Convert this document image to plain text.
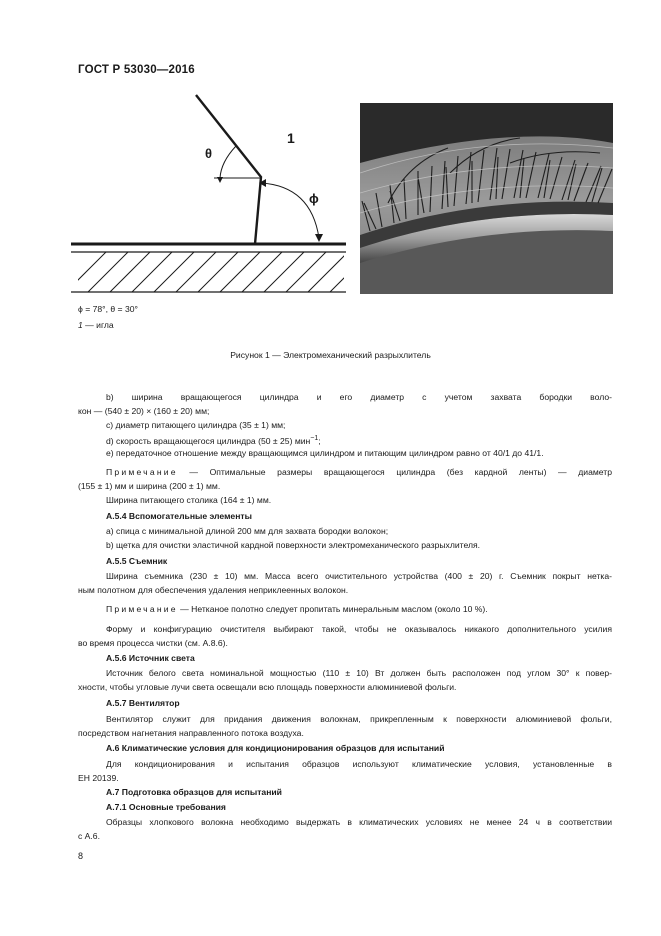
ГОСТ Р 53030—2016
1
θ
ϕ
ϕ = 78°, θ = 30°
1 — игла
Рисунок 1 — Электромеханический разрыхлитель
b) ширина вращающегося цилиндра и его диаметр с учетом захвата бородки воло-
кон — (540 ± 20) × (160 ± 20) мм;
c) диаметр питающего цилиндра (35 ± 1) мм;
d) скорость вращающегося цилиндра (50 ± 25) мин$^{-1}$;
e) передаточное отношение между вращающимся цилиндром и питающим цилиндром равно от 40/1 до 41/1.
Примечание — Оптимальные размеры вращающегося цилиндра (без кардной ленты) — диаметр
(155 ± 1) мм и ширина (200 ± 1) мм.
Ширина питающего столика (164 ± 1) мм.
А.5.4 Вспомогательные элементы
a) спица с минимальной длиной 200 мм для захвата бородки волокон;
b) щетка для очистки эластичной кардной поверхности электромеханического разрыхлителя.
А.5.5 Съемник
Ширина съемника (230 ± 10) мм. Масса всего очистительного устройства (400 ± 20) г. Съемник покрыт нетка-
ным полотном для обеспечения удаления неприклеенных волокон.
Примечание — Нетканое полотно следует пропитать минеральным маслом (около 10 %).
Форму и конфигурацию очистителя выбирают такой, чтобы не оказывалось никакого дополнительного усилия
во время процесса чистки (см. А.8.6).
А.5.6 Источник света
Источник белого света номинальной мощностью (110 ± 10) Вт должен быть расположен под углом 30° к повер-
хности, чтобы угловые лучи света освещали всю площадь поверхности алюминиевой фольги.
А.5.7 Вентилятор
Вентилятор служит для придания движения волокнам, прикрепленным к поверхности алюминиевой фольги,
посредством нагнетания направленного потока воздуха.
А.6 Климатические условия для кондиционирования образцов для испытаний
Для кондиционирования и испытания образцов используют климатические условия, установленные в
ЕН 20139.
А.7 Подготовка образцов для испытаний
А.7.1 Основные требования
Образцы хлопкового волокна необходимо выдержать в климатических условиях не менее 24 ч в соответствии
с А.6.
8
